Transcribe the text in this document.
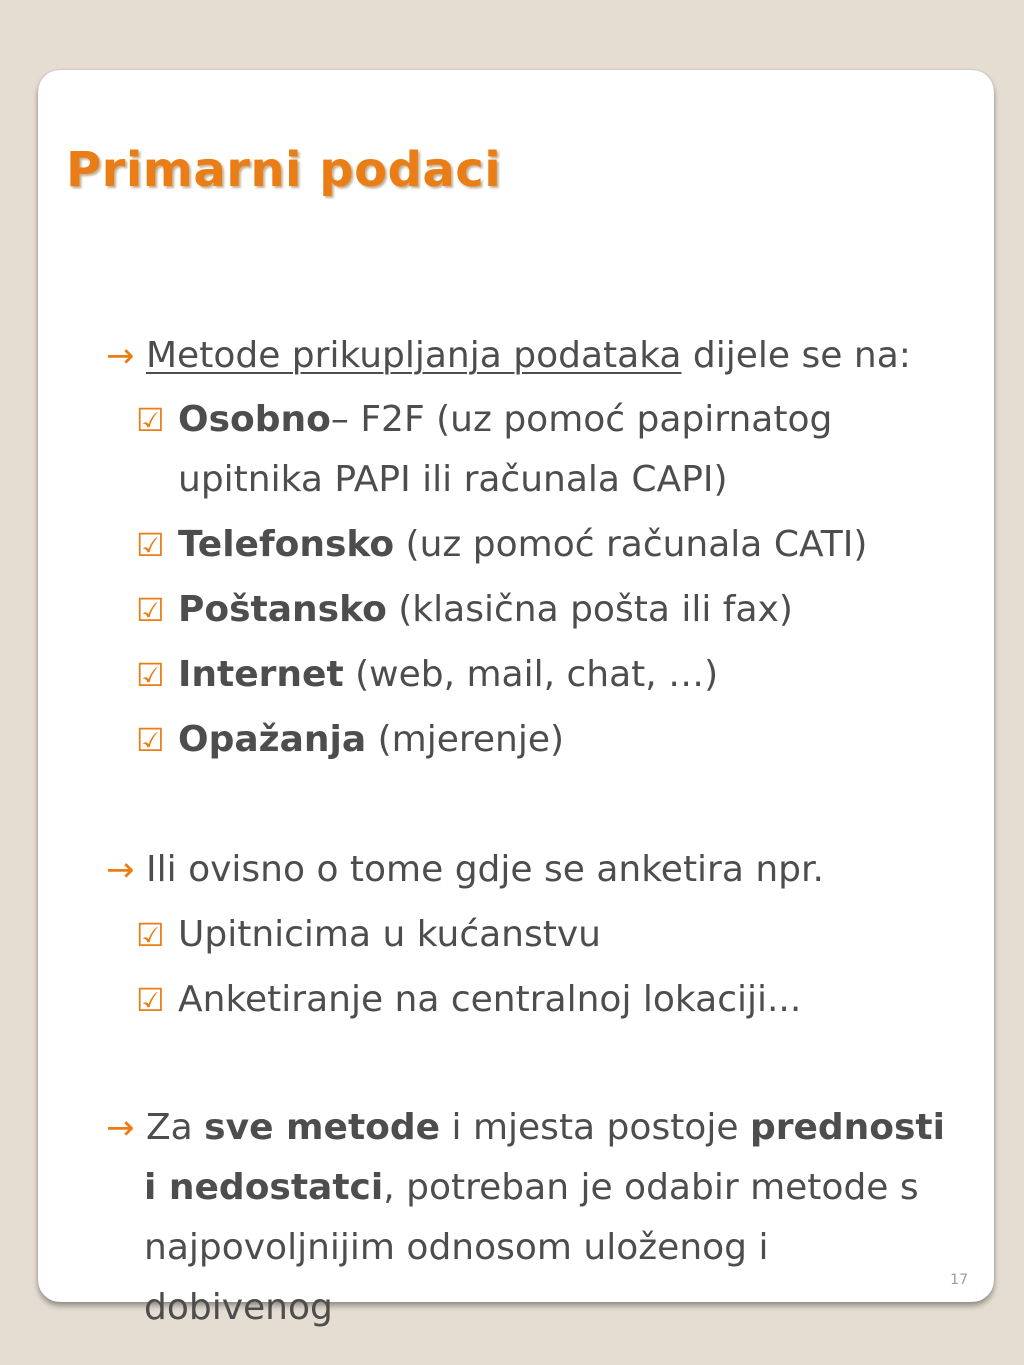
Primarni podaci
→ Metode prikupljanja podataka dijele se na:
☑ Osobno– F2F (uz pomoć papirnatog
upitnika PAPI ili računala CAPI)
☑ Telefonsko (uz pomoć računala CATI)
☑ Poštansko (klasična pošta ili fax)
☑ Internet (web, mail, chat, …)
☑ Opažanja (mjerenje)
→ Ili ovisno o tome gdje se anketira npr.
☑ Upitnicima u kućanstvu
☑ Anketiranje na centralnoj lokaciji...
→ Za sve metode i mjesta postoje prednosti
i nedostatci, potreban je odabir metode s
najpovoljnijim odnosom uloženog i
dobivenog
17
